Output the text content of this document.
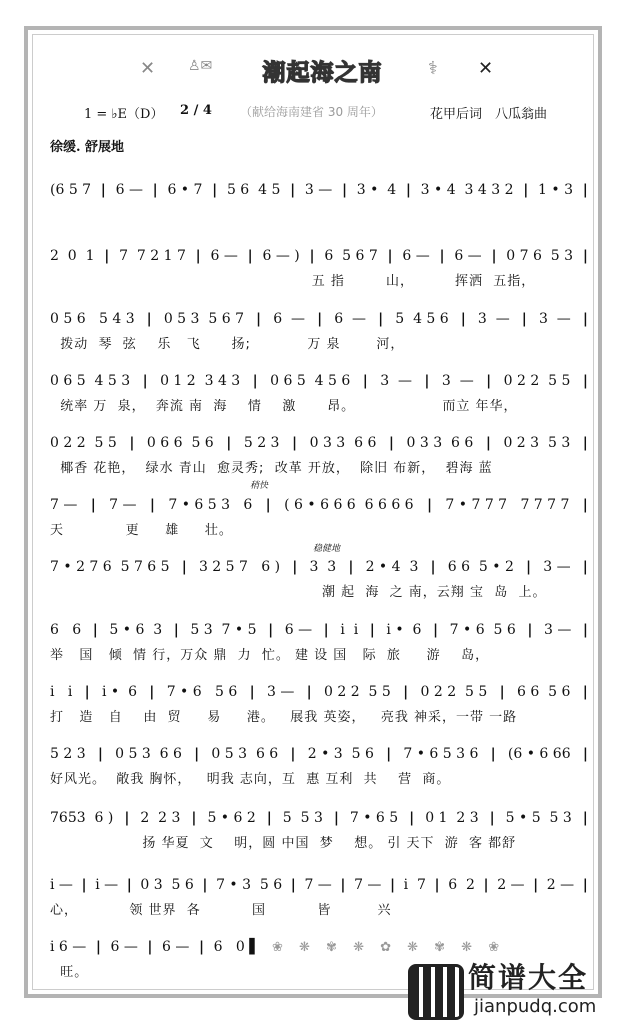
✕ ♙✉	潮起海之南	⚕ ✕
1 = ♭E（D） 2 / 4 （献给海南建省 30 周年）	花甲后词　八瓜翁曲
徐缓. 舒展地
稍快
稳健地
(6 5 7 | 6 — | 6 • 7 | 5 6  4 5 | 3 — | 3 •  4 | 3 • 4  3 4 3 2 | 1 • 3 |
2  0  1 | 7  7 2 1 7 | 6 — | 6 — ) | 6  5 6 7 | 6 — | 6 — | 0 7 6  5 3 |
五 指        山，        挥洒  五指，
0 5 6   5 4 3 | 0 5 3  5 6 7 | 6  — | 6  — | 5  4 5 6 | 3  — | 3  — |
拨动  琴  弦    乐   飞      扬;           万 泉       河，
0 6 5  4 5 3 | 0 1 2  3 4 3 | 0 6 5  4 5 6 | 3  — | 3  — | 0 2 2  5 5 |
统率 万  泉，  奔流 南  海    情    激      昂。                 而立 年华，
0 2 2  5 5 | 0 6 6  5 6 | 5 2 3 | 0 3 3  6 6 | 0 3 3  6 6 | 0 2 3  5 3 |
椰香 花艳，  绿水 青山  愈灵秀;  改革 开放，  除旧 布新，  碧海 蓝
7 — | 7 — | 7 • 6 5 3   6 | ( 6 • 6 6 6  6 6 6 6 | 7 • 7 7 7   7 7 7 7 |
天            更     雄     壮。
7 • 2 7 6  5 7 6 5 | 3 2 5 7   6 ) | 3  3 | 2 • 4  3 | 6 6  5 • 2 | 3 — |
潮 起  海  之 南，云翔 宝  岛  上。
6   6 | 5 • 6  3 | 5 3  7 • 5 | 6 — | i  i | i •  6 | 7 • 6  5 6 | 3 — |
举   国   倾  情 行，万众 鼎  力  忙。 建 设 国   际  旅     游    岛，
i   i | i •  6 | 7 • 6   5 6 | 3 — | 0 2 2  5 5 | 0 2 2  5 5 | 6 6  5 6 |
打   造   自    由  贸     易     港。   展我 英姿，   亮我 神采，一带 一路
5 2 3 | 0 5 3  6 6 | 0 5 3  6 6 | 2 • 3  5 6 | 7 • 6 5 3 6 | (6 • 6 66 |
好风光。  敞我 胸怀，   明我 志向，互  惠 互利  共    营  商。
7653  6 ) | 2  2 3 | 5 • 6 2 | 5  5 3 | 7 • 6 5 | 0 1  2 3 | 5 • 5  5 3 |
扬 华夏  文    明，圆 中国  梦    想。 引 天下  游  客 都舒
i — | i — | 0 3  5 6 | 7 • 3  5 6 | 7 — | 7 — | i  7 | 6  2 | 2 — | 2 — |
心，          领 世界  各          国          皆         兴
i 6 — | 6 — | 6 — | 6   0 ▌
旺。
❀ ❋ ✾ ❋ ✿ ❋ ✾ ❋ ❀
简谱大全
jianpudq.com
